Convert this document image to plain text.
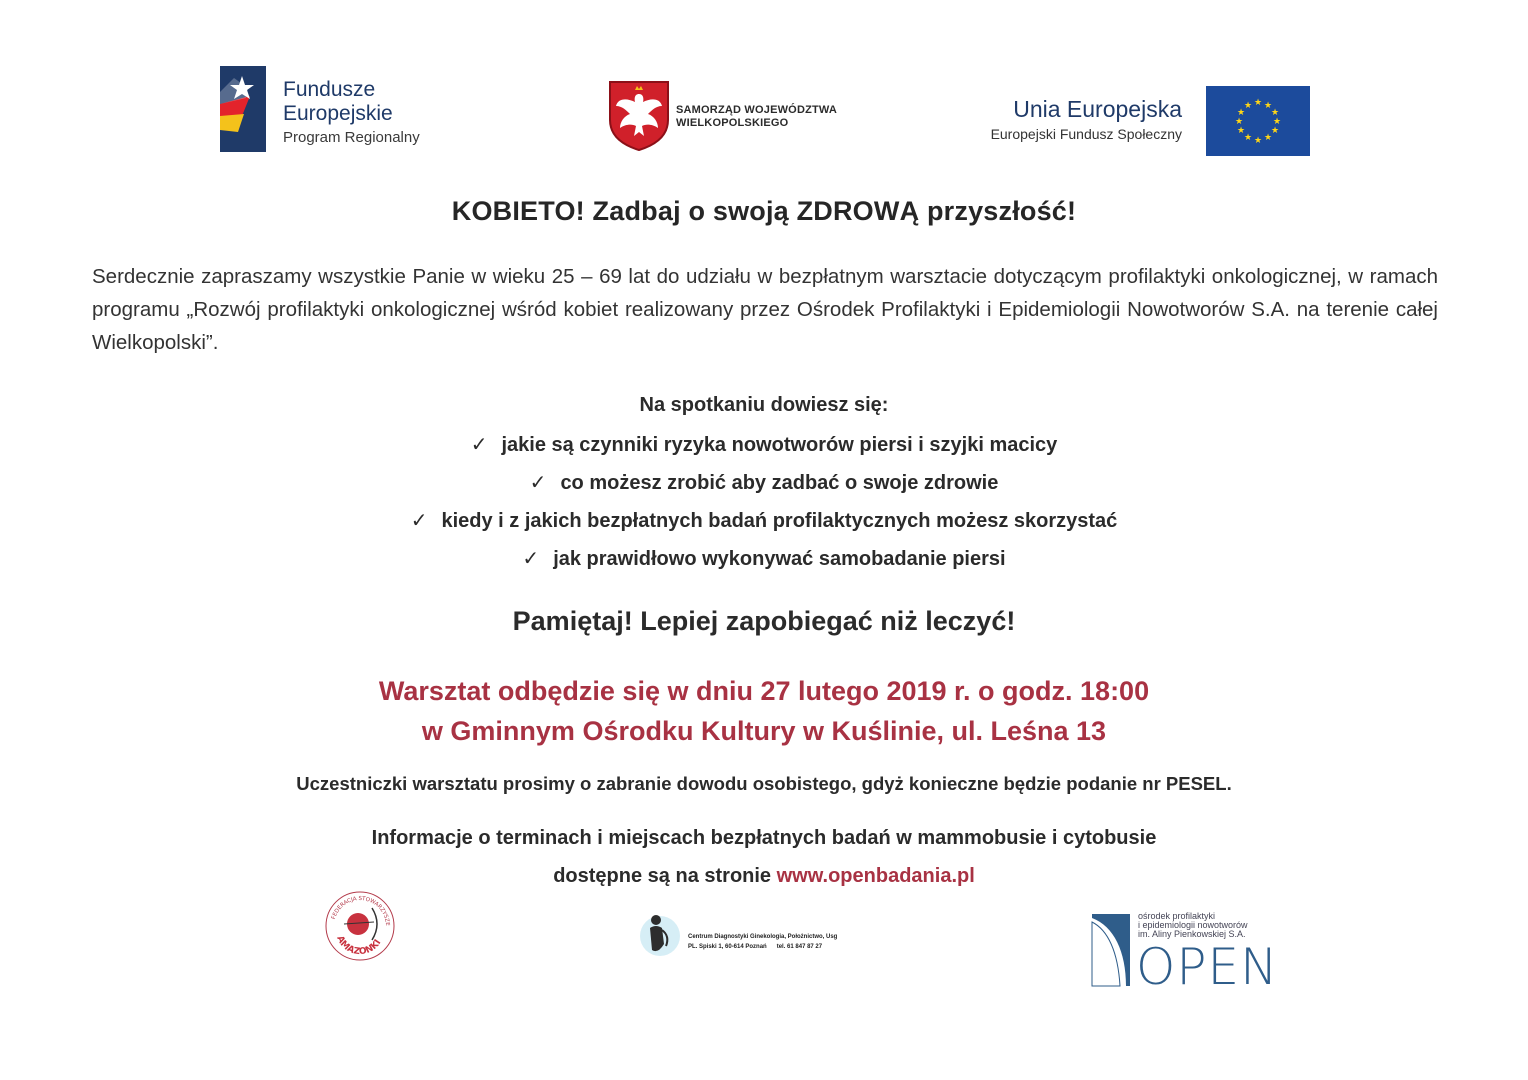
Fundusze
Europejskie
Program Regionalny
SAMORZĄD WOJEWÓDZTWA
WIELKOPOLSKIEGO
Unia Europejska
Europejski Fundusz Społeczny
★ ★
★
★
★
★
★
★
★
★
★
★
KOBIETO! Zadbaj o swoją ZDROWĄ przyszłość!
Serdecznie zapraszamy wszystkie Panie w wieku 25 – 69 lat do udziału w bezpłatnym warsztacie dotyczącym profilaktyki onkologicznej, w ramach programu „Rozwój profilaktyki onkologicznej wśród kobiet realizowany przez Ośrodek Profilaktyki i Epidemiologii Nowotworów S.A. na terenie całej Wielkopolski”.
Na spotkaniu dowiesz się:
✓ jakie są czynniki ryzyka nowotworów piersi i szyjki macicy
✓ co możesz zrobić aby zadbać o swoje zdrowie
✓ kiedy i z jakich bezpłatnych badań profilaktycznych możesz skorzystać
✓ jak prawidłowo wykonywać samobadanie piersi
Pamiętaj! Lepiej zapobiegać niż leczyć!
Warsztat odbędzie się w dniu 27 lutego 2019 r. o godz. 18:00
w Gminnym Ośrodku Kultury w Kuślinie, ul. Leśna 13
Uczestniczki warsztatu prosimy o zabranie dowodu osobistego, gdyż konieczne będzie podanie nr PESEL.
Informacje o terminach i miejscach bezpłatnych badań w mammobusie i cytobusie
dostępne są na stronie www.openbadania.pl
FEDERACJA STOWARZYSZE
AMAZONKI
Centrum Diagnostyki Ginekologia, Położnictwo, Usg
PL. Spiski 1, 60-614 Poznań tel. 61 847 87 27
ośrodek profilaktyki
i epidemiologii nowotworów
im. Aliny Pienkowskiej S.A.
OPEN
